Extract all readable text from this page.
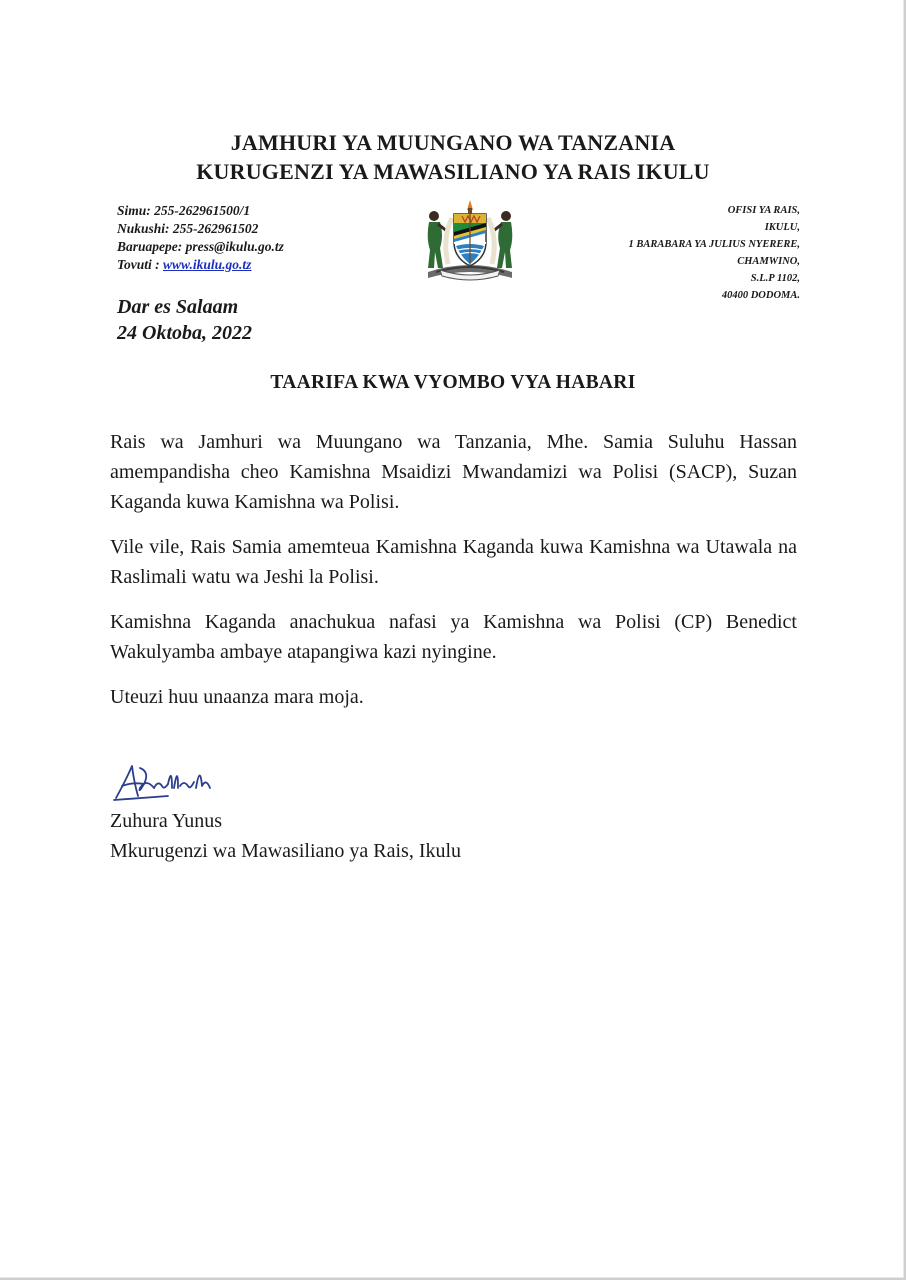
JAMHURI YA MUUNGANO WA TANZANIA
KURUGENZI YA MAWASILIANO YA RAIS IKULU
Simu: 255-262961500/1
Nukushi: 255-262961502
Baruapepe: press@ikulu.go.tz
Tovuti : www.ikulu.go.tz
OFISI YA RAIS,
IKULU,
1 BARABARA YA JULIUS NYERERE,
CHAMWINO,
S.L.P 1102,
40400 DODOMA.
Dar es Salaam
24 Oktoba, 2022
TAARIFA KWA VYOMBO VYA HABARI

Rais wa Jamhuri wa Muungano wa Tanzania, Mhe. Samia Suluhu Hassan amempandisha cheo Kamishna Msaidizi Mwandamizi wa Polisi (SACP), Suzan Kaganda kuwa Kamishna wa Polisi.

Vile vile, Rais Samia amemteua Kamishna Kaganda kuwa Kamishna wa Utawala na Raslimali watu wa Jeshi la Polisi.

Kamishna Kaganda anachukua nafasi ya Kamishna wa Polisi (CP) Benedict Wakulyamba ambaye atapangiwa kazi nyingine.

Uteuzi huu unaanza mara moja.

Zuhura Yunus
Mkurugenzi wa Mawasiliano ya Rais, Ikulu
